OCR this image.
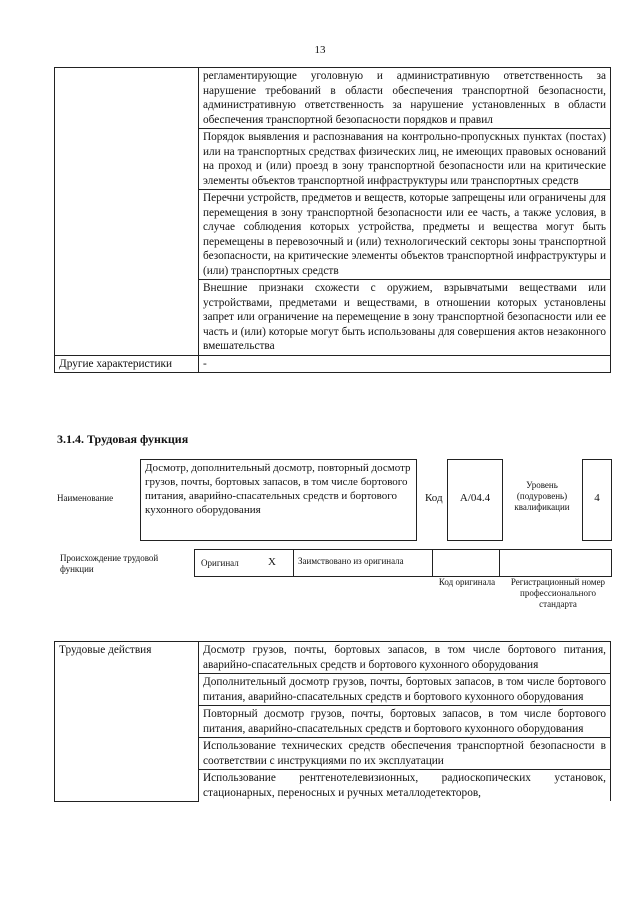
13
	регламентирующие уголовную и административную ответственность за нарушение требований в области обеспечения транспортной безопасности, административную ответственность за нарушение установленных в области обеспечения транспортной безопасности порядков и правил
	Порядок выявления и распознавания на контрольно-пропускных пунктах (постах) или на транспортных средствах физических лиц, не имеющих правовых оснований на проход и (или) проезд в зону транспортной безопасности или на критические элементы объектов транспортной инфраструктуры или транспортных средств
	Перечни устройств, предметов и веществ, которые запрещены или ограничены для перемещения в зону транспортной безопасности или ее часть, а также условия, в случае соблюдения которых устройства, предметы и вещества могут быть перемещены в перевозочный и (или) технологический секторы зоны транспортной безопасности, на критические элементы объектов транспортной инфраструктуры и (или) транспортных средств
	Внешние признаки схожести с оружием, взрывчатыми веществами или устройствами, предметами и веществами, в отношении которых установлены запрет или ограничение на перемещение в зону транспортной безопасности или ее часть и (или) которые могут быть использованы для совершения актов незаконного вмешательства
Другие характеристики	-
3.1.4. Трудовая функция
Наименование
Досмотр, дополнительный досмотр, повторный досмотр грузов, почты, бортовых запасов, в том числе бортового питания, аварийно-спасательных средств и бортового кухонного оборудования
Код	А/04.4
Уровень (подуровень) квалификации
4
Происхождение трудовой функции
Оригинал	X	Заимствовано из оригинала
Код оригинала	Регистрационный номер профессионального стандарта
Трудовые действия	Досмотр грузов, почты, бортовых запасов, в том числе бортового питания, аварийно-спасательных средств и бортового кухонного оборудования
Дополнительный досмотр грузов, почты, бортовых запасов, в том числе бортового питания, аварийно-спасательных средств и бортового кухонного оборудования
Повторный досмотр грузов, почты, бортовых запасов, в том числе бортового питания, аварийно-спасательных средств и бортового кухонного оборудования
Использование технических средств обеспечения транспортной безопасности в соответствии с инструкциями по их эксплуатации
Использование рентгенотелевизионных, радиоскопических установок, стационарных, переносных и ручных металлодетекторов,
